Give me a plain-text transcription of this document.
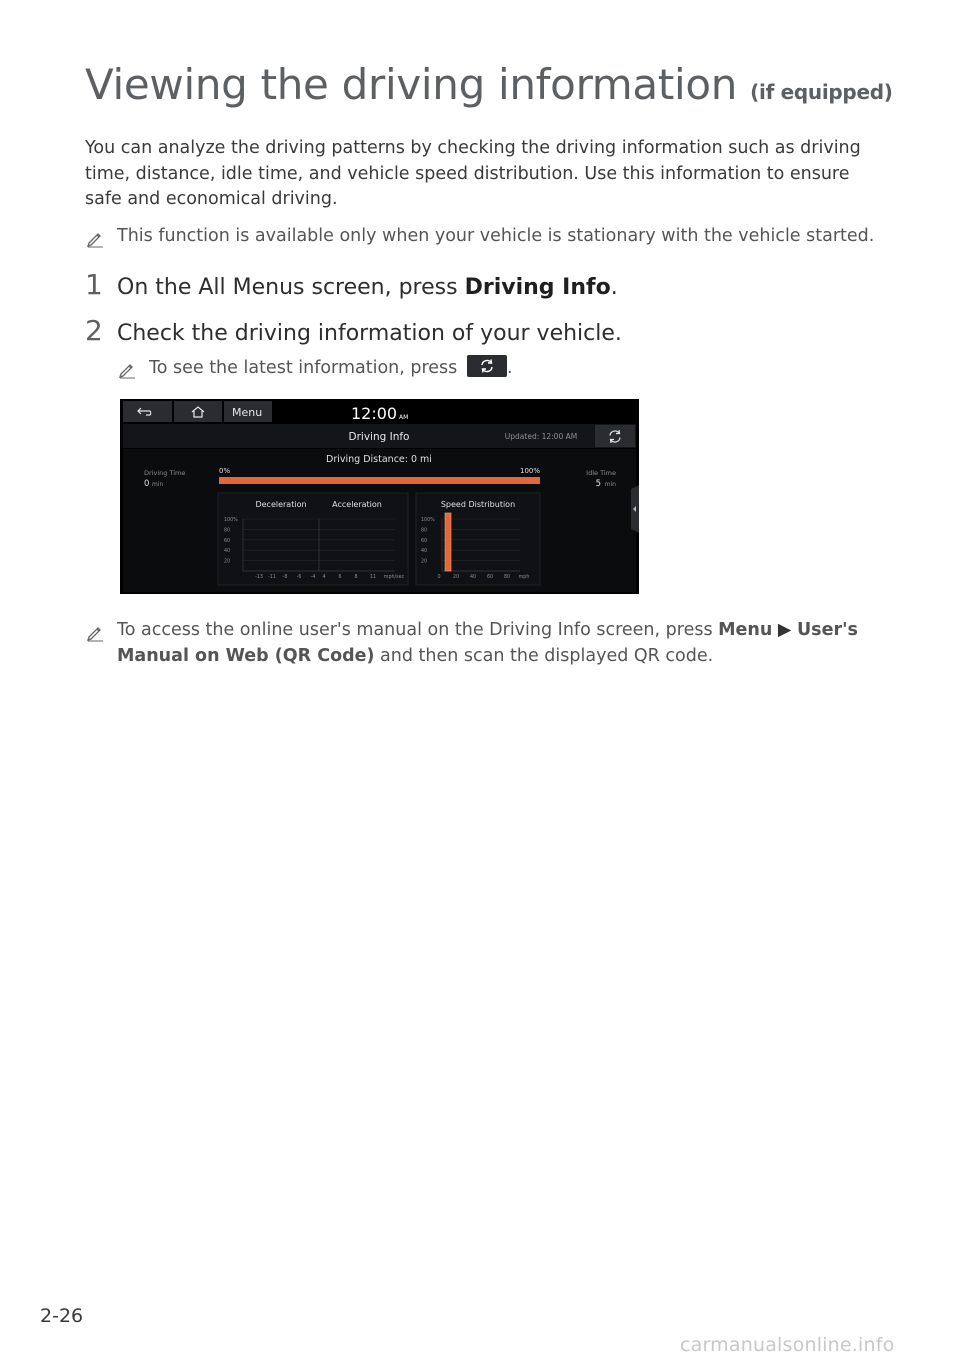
Viewing the driving information (if equipped)

You can analyze the driving patterns by checking the driving information such as driving time, distance, idle time, and vehicle speed distribution. Use this information to ensure safe and economical driving.

This function is available only when your vehicle is stationary with the vehicle started.
1 On the All Menus screen, press Driving Info.
2 Check the driving information of your vehicle.
To see the latest information, press	.
Menu	12:00 AM
Driving Info	Updated: 12:00 AM
Driving Time
0 min
Idle Time
5 min
Driving Distance: 0 mi
0%	100%
Deceleration	Acceleration
100%
80
60
40
20
-13 -11 -8 -6 -4 4	6	8	11 mph/sec
Speed Distribution
100%
80
60
40
20
0	20 40 60 80 mph
To access the online user's manual on the Driving Info screen, press Menu ▶ User's Manual on Web (QR Code) and then scan the displayed QR code.
2-26
carmanualsonline.info
